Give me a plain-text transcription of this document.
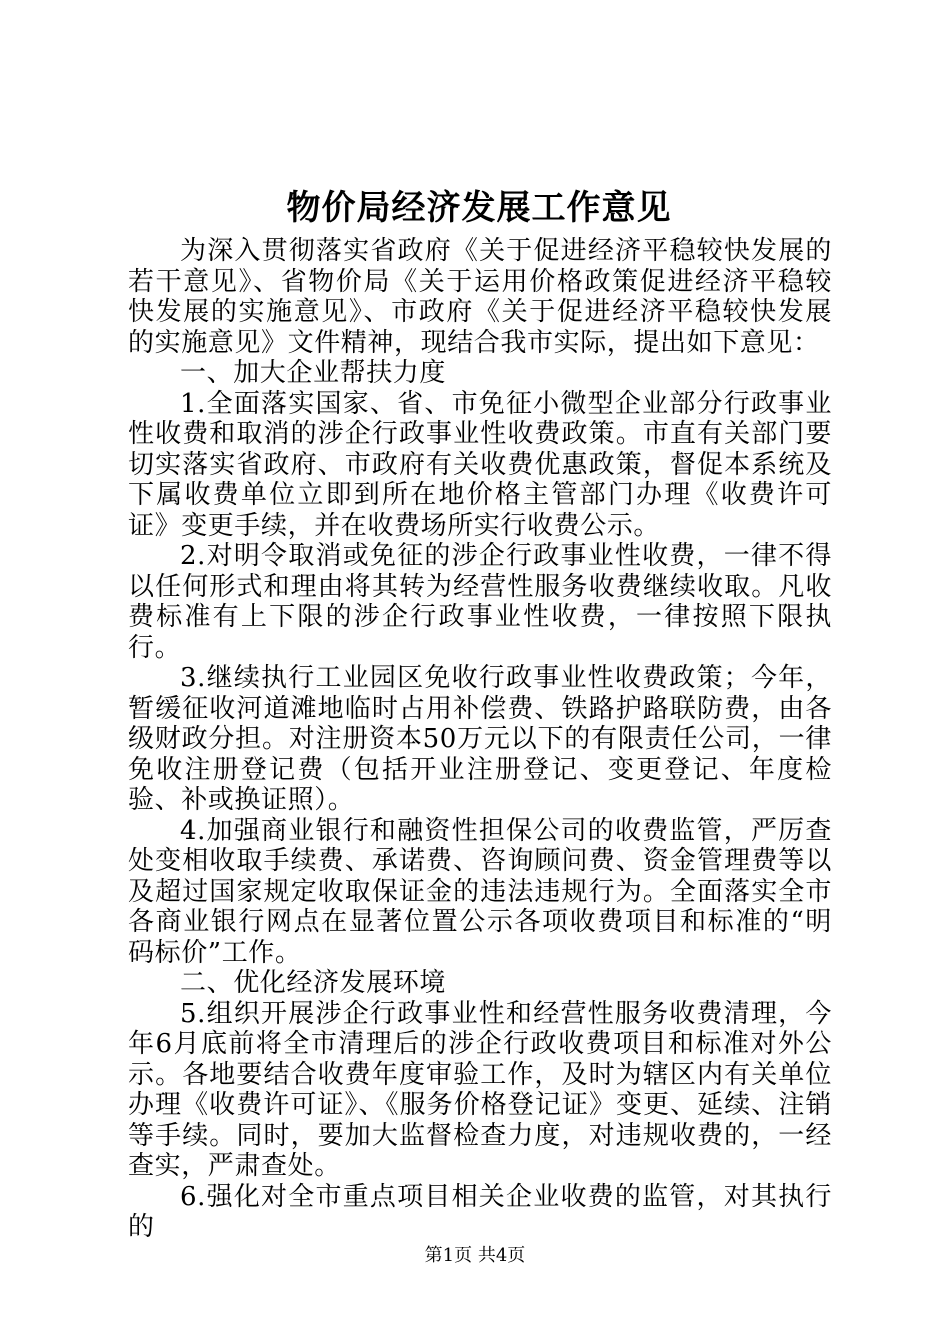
物价局经济发展工作意见

为深入贯彻落实省政府《关于促进经济平稳较快发展的若干意见》、省物价局《关于运用价格政策促进经济平稳较快发展的实施意见》、市政府《关于促进经济平稳较快发展的实施意见》文件精神，现结合我市实际，提出如下意见：

一、加大企业帮扶力度

1.全面落实国家、省、市免征小微型企业部分行政事业性收费和取消的涉企行政事业性收费政策。市直有关部门要切实落实省政府、市政府有关收费优惠政策，督促本系统及下属收费单位立即到所在地价格主管部门办理《收费许可证》变更手续，并在收费场所实行收费公示。

2.对明令取消或免征的涉企行政事业性收费，一律不得以任何形式和理由将其转为经营性服务收费继续收取。凡收费标准有上下限的涉企行政事业性收费，一律按照下限执行。

3.继续执行工业园区免收行政事业性收费政策；今年，暂缓征收河道滩地临时占用补偿费、铁路护路联防费，由各级财政分担。对注册资本50万元以下的有限责任公司，一律免收注册登记费（包括开业注册登记、变更登记、年度检验、补或换证照）。

4.加强商业银行和融资性担保公司的收费监管，严厉查处变相收取手续费、承诺费、咨询顾问费、资金管理费等以及超过国家规定收取保证金的违法违规行为。全面落实全市各商业银行网点在显著位置公示各项收费项目和标准的“明码标价”工作。

二、优化经济发展环境

5.组织开展涉企行政事业性和经营性服务收费清理，今年6月底前将全市清理后的涉企行政收费项目和标准对外公示。各地要结合收费年度审验工作，及时为辖区内有关单位办理《收费许可证》、《服务价格登记证》变更、延续、注销等手续。同时，要加大监督检查力度，对违规收费的，一经查实，严肃查处。

6.强化对全市重点项目相关企业收费的监管，对其执行的

第1页 共4页
